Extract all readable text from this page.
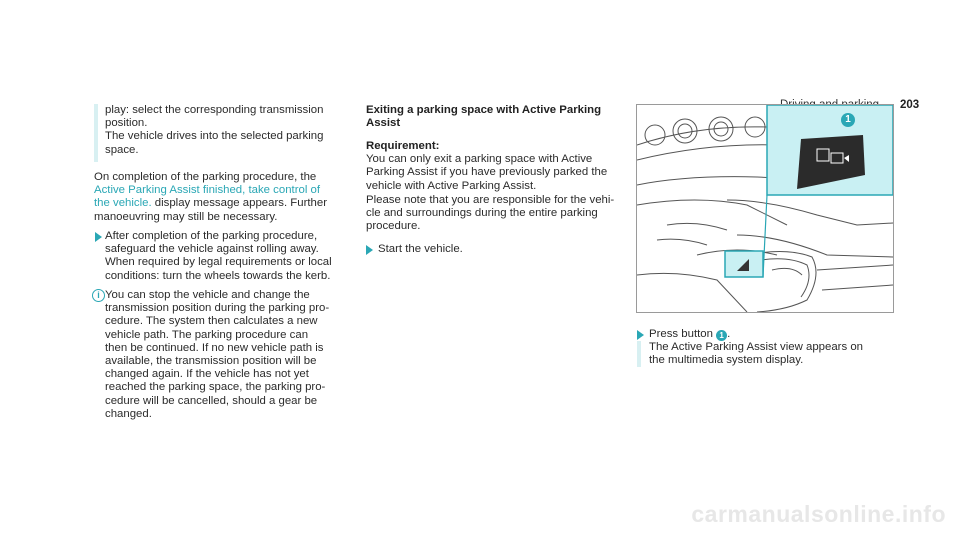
203

play: select the corresponding transmission

position.

The vehicle drives into the selected parking

space.

On completion of the parking procedure, the

Active Parking Assist finished, take control of

the vehicle. display message appears. Further

manoeuvring may still be necessary.

After completion of the parking procedure,

safeguard the vehicle against rolling away.

When required by legal requirements or local

conditions: turn the wheels towards the kerb.

i You can stop the vehicle and change the

transmission position during the parking pro-

cedure. The system then calculates a new

vehicle path. The parking procedure can

then be continued. If no new vehicle path is

available, the transmission position will be

changed again. If the vehicle has not yet

reached the parking space, the parking pro-

cedure will be cancelled, should a gear be

changed.

Exiting a parking space with Active Parking

Assist

Requirement:

You can only exit a parking space with Active

Parking Assist if you have previously parked the

vehicle with Active Parking Assist.

Please note that you are responsible for the vehi-

cle and surroundings during the entire parking

procedure.

Start the vehicle.

1

Press button 1 .

The Active Parking Assist view appears on

the multimedia system display.

carmanualsonline.info
